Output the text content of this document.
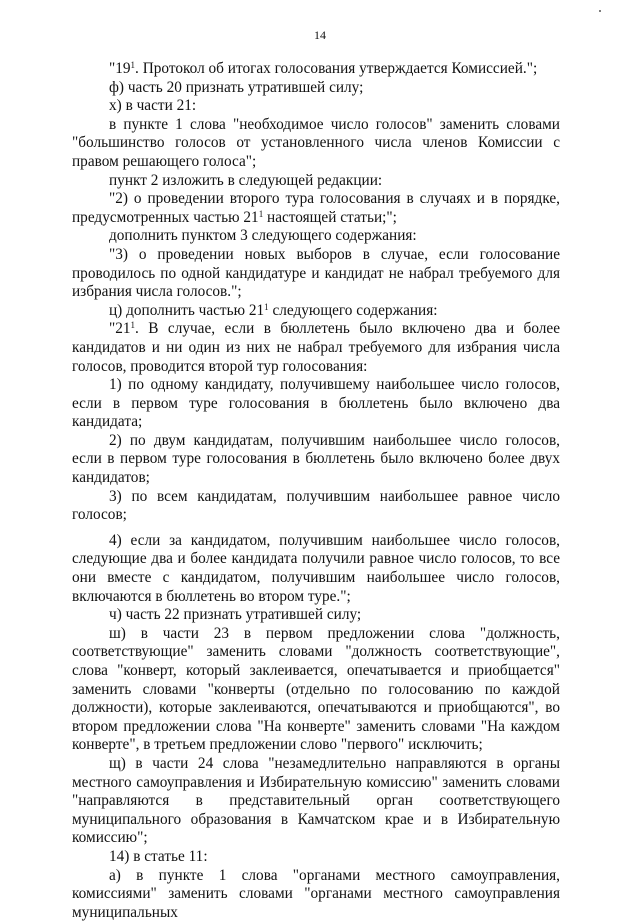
14

"$19^1$. Протокол об итогах голосования утверждается Комиссией.";

ф) часть 20 признать утратившей силу;

х) в части 21:

в пункте 1 слова "необходимое число голосов" заменить словами "большинство голосов от установленного числа членов Комиссии с правом решающего голоса";

пункт 2 изложить в следующей редакции:

"2) о проведении второго тура голосования в случаях и в порядке, предусмотренных частью $21^1$ настоящей статьи;";

дополнить пунктом 3 следующего содержания:

"3) о проведении новых выборов в случае, если голосование проводилось по одной кандидатуре и кандидат не набрал требуемого для избрания числа голосов.";

ц) дополнить частью $21^1$ следующего содержания:

"$21^1$. В случае, если в бюллетень было включено два и более кандидатов и ни один из них не набрал требуемого для избрания числа голосов, проводится второй тур голосования:

1) по одному кандидату, получившему наибольшее число голосов, если в первом туре голосования в бюллетень было включено два кандидата;

2) по двум кандидатам, получившим наибольшее число голосов, если в первом туре голосования в бюллетень было включено более двух кандидатов;

3) по всем кандидатам, получившим наибольшее равное число голосов;

4) если за кандидатом, получившим наибольшее число голосов, следующие два и более кандидата получили равное число голосов, то все они вместе с кандидатом, получившим наибольшее число голосов, включаются в бюллетень во втором туре.";

ч) часть 22 признать утратившей силу;

ш) в части 23 в первом предложении слова "должность, соответствующие" заменить словами "должность соответствующие", слова "конверт, который заклеивается, опечатывается и приобщается" заменить словами "конверты (отдельно по голосованию по каждой должности), которые заклеиваются, опечатываются и приобщаются", во втором предложении слова "На конверте" заменить словами "На каждом конверте", в третьем предложении слово "первого" исключить;

щ) в части 24 слова "незамедлительно направляются в органы местного самоуправления и Избирательную комиссию" заменить словами "направляются в представительный орган соответствующего муниципального образования в Камчатском крае и в Избирательную комиссию";

14) в статье 11:

а) в пункте 1 слова "органами местного самоуправления, комиссиями" заменить словами "органами местного самоуправления муниципальных
